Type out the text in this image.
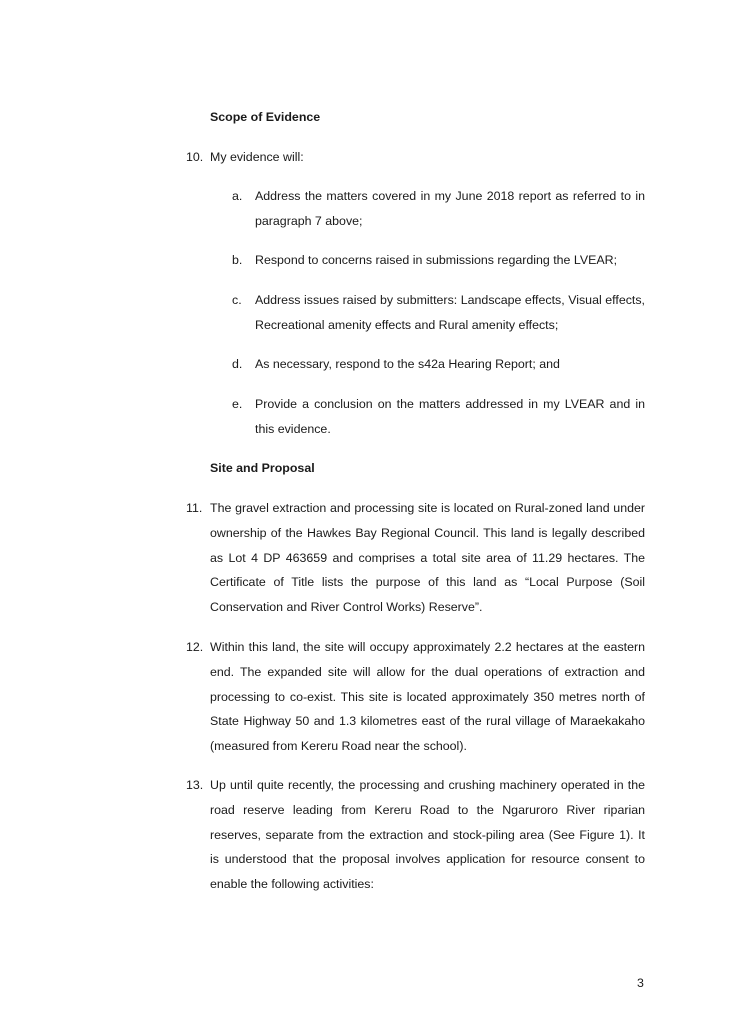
Scope of Evidence
10. My evidence will:
a. Address the matters covered in my June 2018 report as referred to in paragraph 7 above;
b. Respond to concerns raised in submissions regarding the LVEAR;
c. Address issues raised by submitters: Landscape effects, Visual effects, Recreational amenity effects and Rural amenity effects;
d. As necessary, respond to the s42a Hearing Report; and
e. Provide a conclusion on the matters addressed in my LVEAR and in this evidence.
Site and Proposal
11. The gravel extraction and processing site is located on Rural-zoned land under ownership of the Hawkes Bay Regional Council. This land is legally described as Lot 4 DP 463659 and comprises a total site area of 11.29 hectares. The Certificate of Title lists the purpose of this land as “Local Purpose (Soil Conservation and River Control Works) Reserve”.
12. Within this land, the site will occupy approximately 2.2 hectares at the eastern end. The expanded site will allow for the dual operations of extraction and processing to co-exist. This site is located approximately 350 metres north of State Highway 50 and 1.3 kilometres east of the rural village of Maraekakaho (measured from Kereru Road near the school).
13. Up until quite recently, the processing and crushing machinery operated in the road reserve leading from Kereru Road to the Ngaruroro River riparian reserves, separate from the extraction and stock-piling area (See Figure 1). It is understood that the proposal involves application for resource consent to enable the following activities:
3
